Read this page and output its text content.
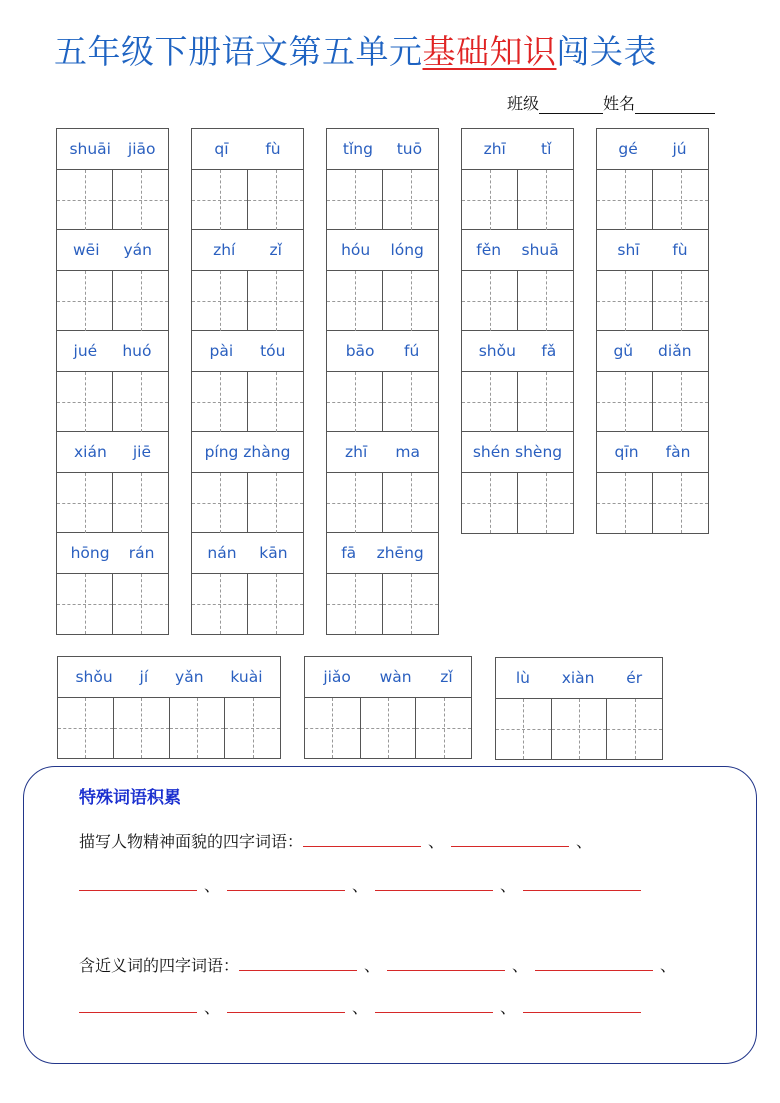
五年级下册语文第五单元基础知识闯关表
班级	姓名
shuāi jiāo
wēi yán
jué huó
xián jiē
hōng rán
qī fù
zhí zǐ
pài tóu
píng zhàng
nán kān
tǐng tuō
hóu lóng
bāo fú
zhī ma
fā zhēng
zhī tǐ
fěn shuā
shǒu fǎ
shén shèng
gé jú
shī fù
gǔ diǎn
qīn fàn
shǒu jí yǎn kuài	jiǎo wàn zǐ	lù xiàn ér
特殊词语积累
描写人物精神面貌的四字词语：	、	、
、	、	、
含近义词的四字词语：	、	、	、
、	、	、
